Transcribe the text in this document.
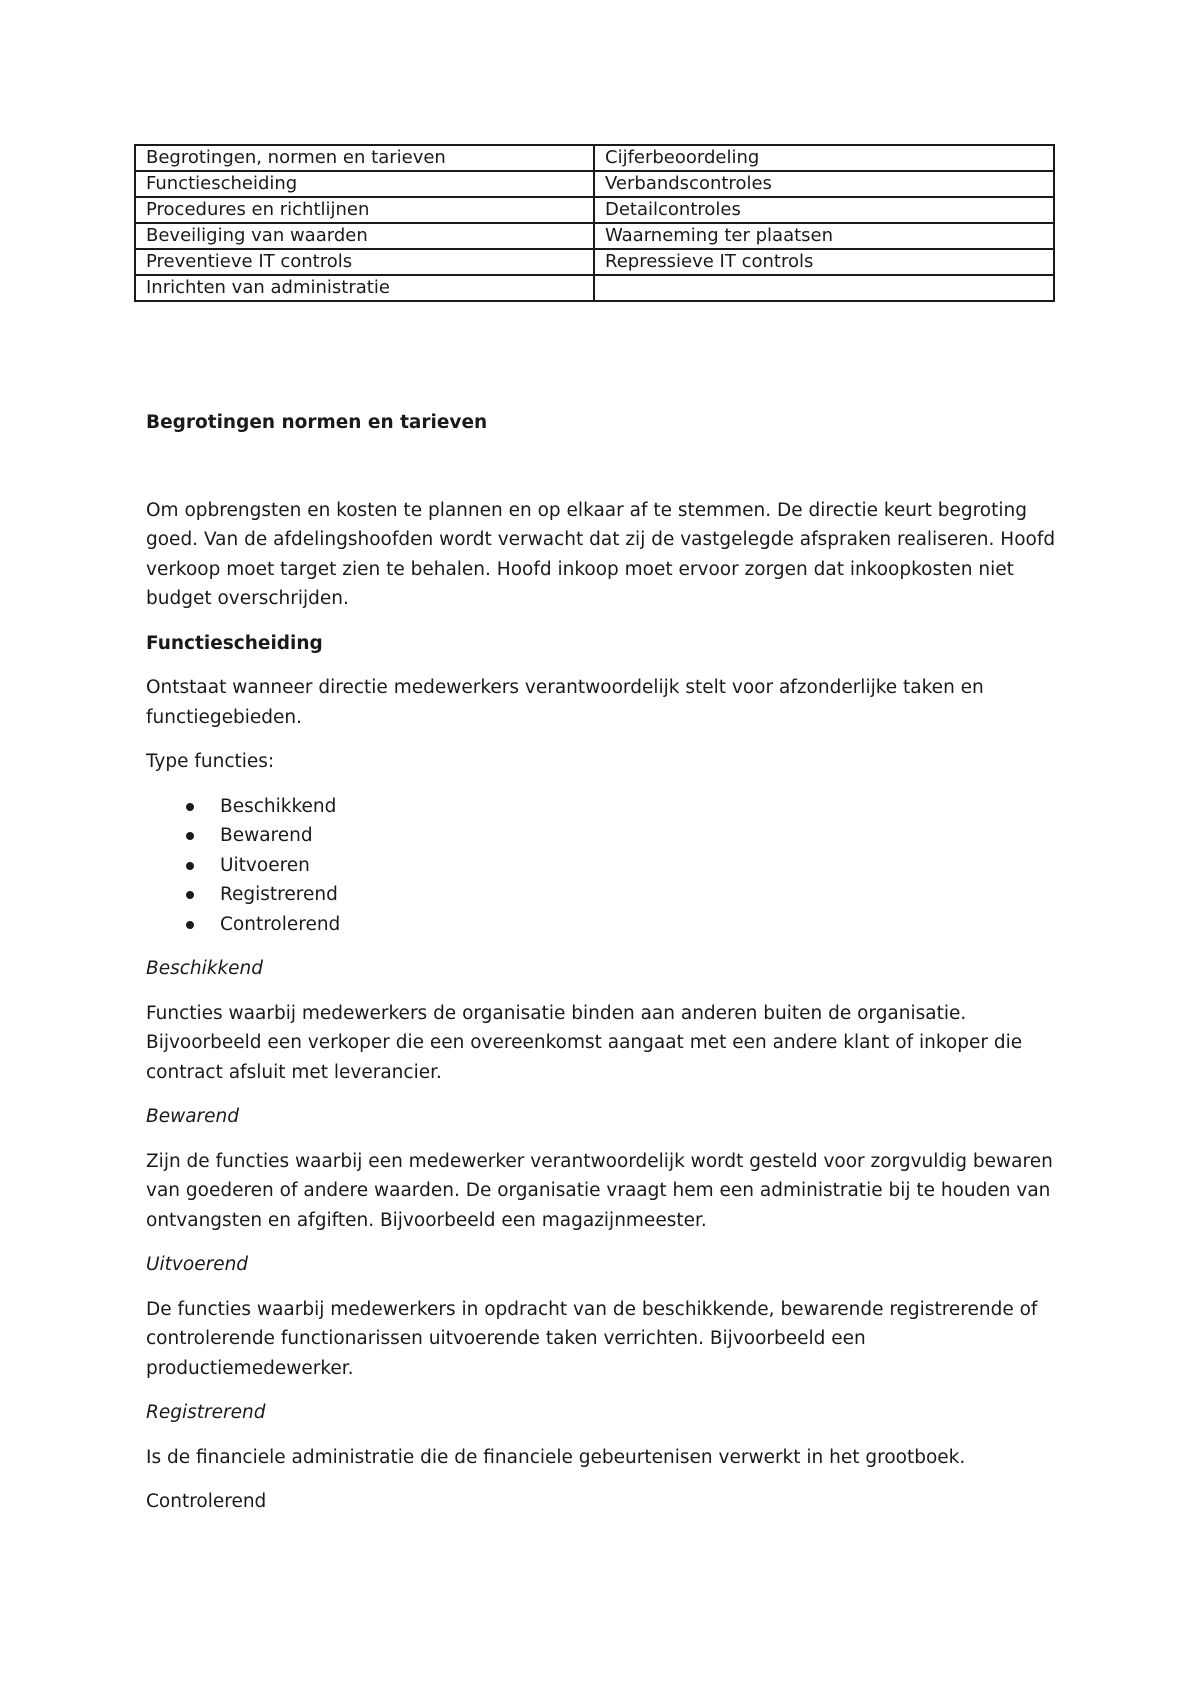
Begrotingen, normen en tarieven	Cijferbeoordeling
Functiescheiding	Verbandscontroles
Procedures en richtlijnen	Detailcontroles
Beveiliging van waarden	Waarneming ter plaatsen
Preventieve IT controls	Repressieve IT controls
Inrichten van administratie	

Begrotingen normen en tarieven

Om opbrengsten en kosten te plannen en op elkaar af te stemmen. De directie keurt begroting goed. Van de afdelingshoofden wordt verwacht dat zij de vastgelegde afspraken realiseren. Hoofd verkoop moet target zien te behalen. Hoofd inkoop moet ervoor zorgen dat inkoopkosten niet budget overschrijden.

Functiescheiding

Ontstaat wanneer directie medewerkers verantwoordelijk stelt voor afzonderlijke taken en functiegebieden.

Type functies:

Beschikkend
Bewarend
Uitvoeren
Registrerend
Controlerend

Beschikkend

Functies waarbij medewerkers de organisatie binden aan anderen buiten de organisatie. Bijvoorbeeld een verkoper die een overeenkomst aangaat met een andere klant of inkoper die contract afsluit met leverancier.

Bewarend

Zijn de functies waarbij een medewerker verantwoordelijk wordt gesteld voor zorgvuldig bewaren van goederen of andere waarden. De organisatie vraagt hem een administratie bij te houden van ontvangsten en afgiften. Bijvoorbeeld een magazijnmeester.

Uitvoerend

De functies waarbij medewerkers in opdracht van de beschikkende, bewarende registrerende of controlerende functionarissen uitvoerende taken verrichten. Bijvoorbeeld een productiemedewerker.

Registrerend

Is de financiele administratie die de financiele gebeurtenisen verwerkt in het grootboek.

Controlerend
